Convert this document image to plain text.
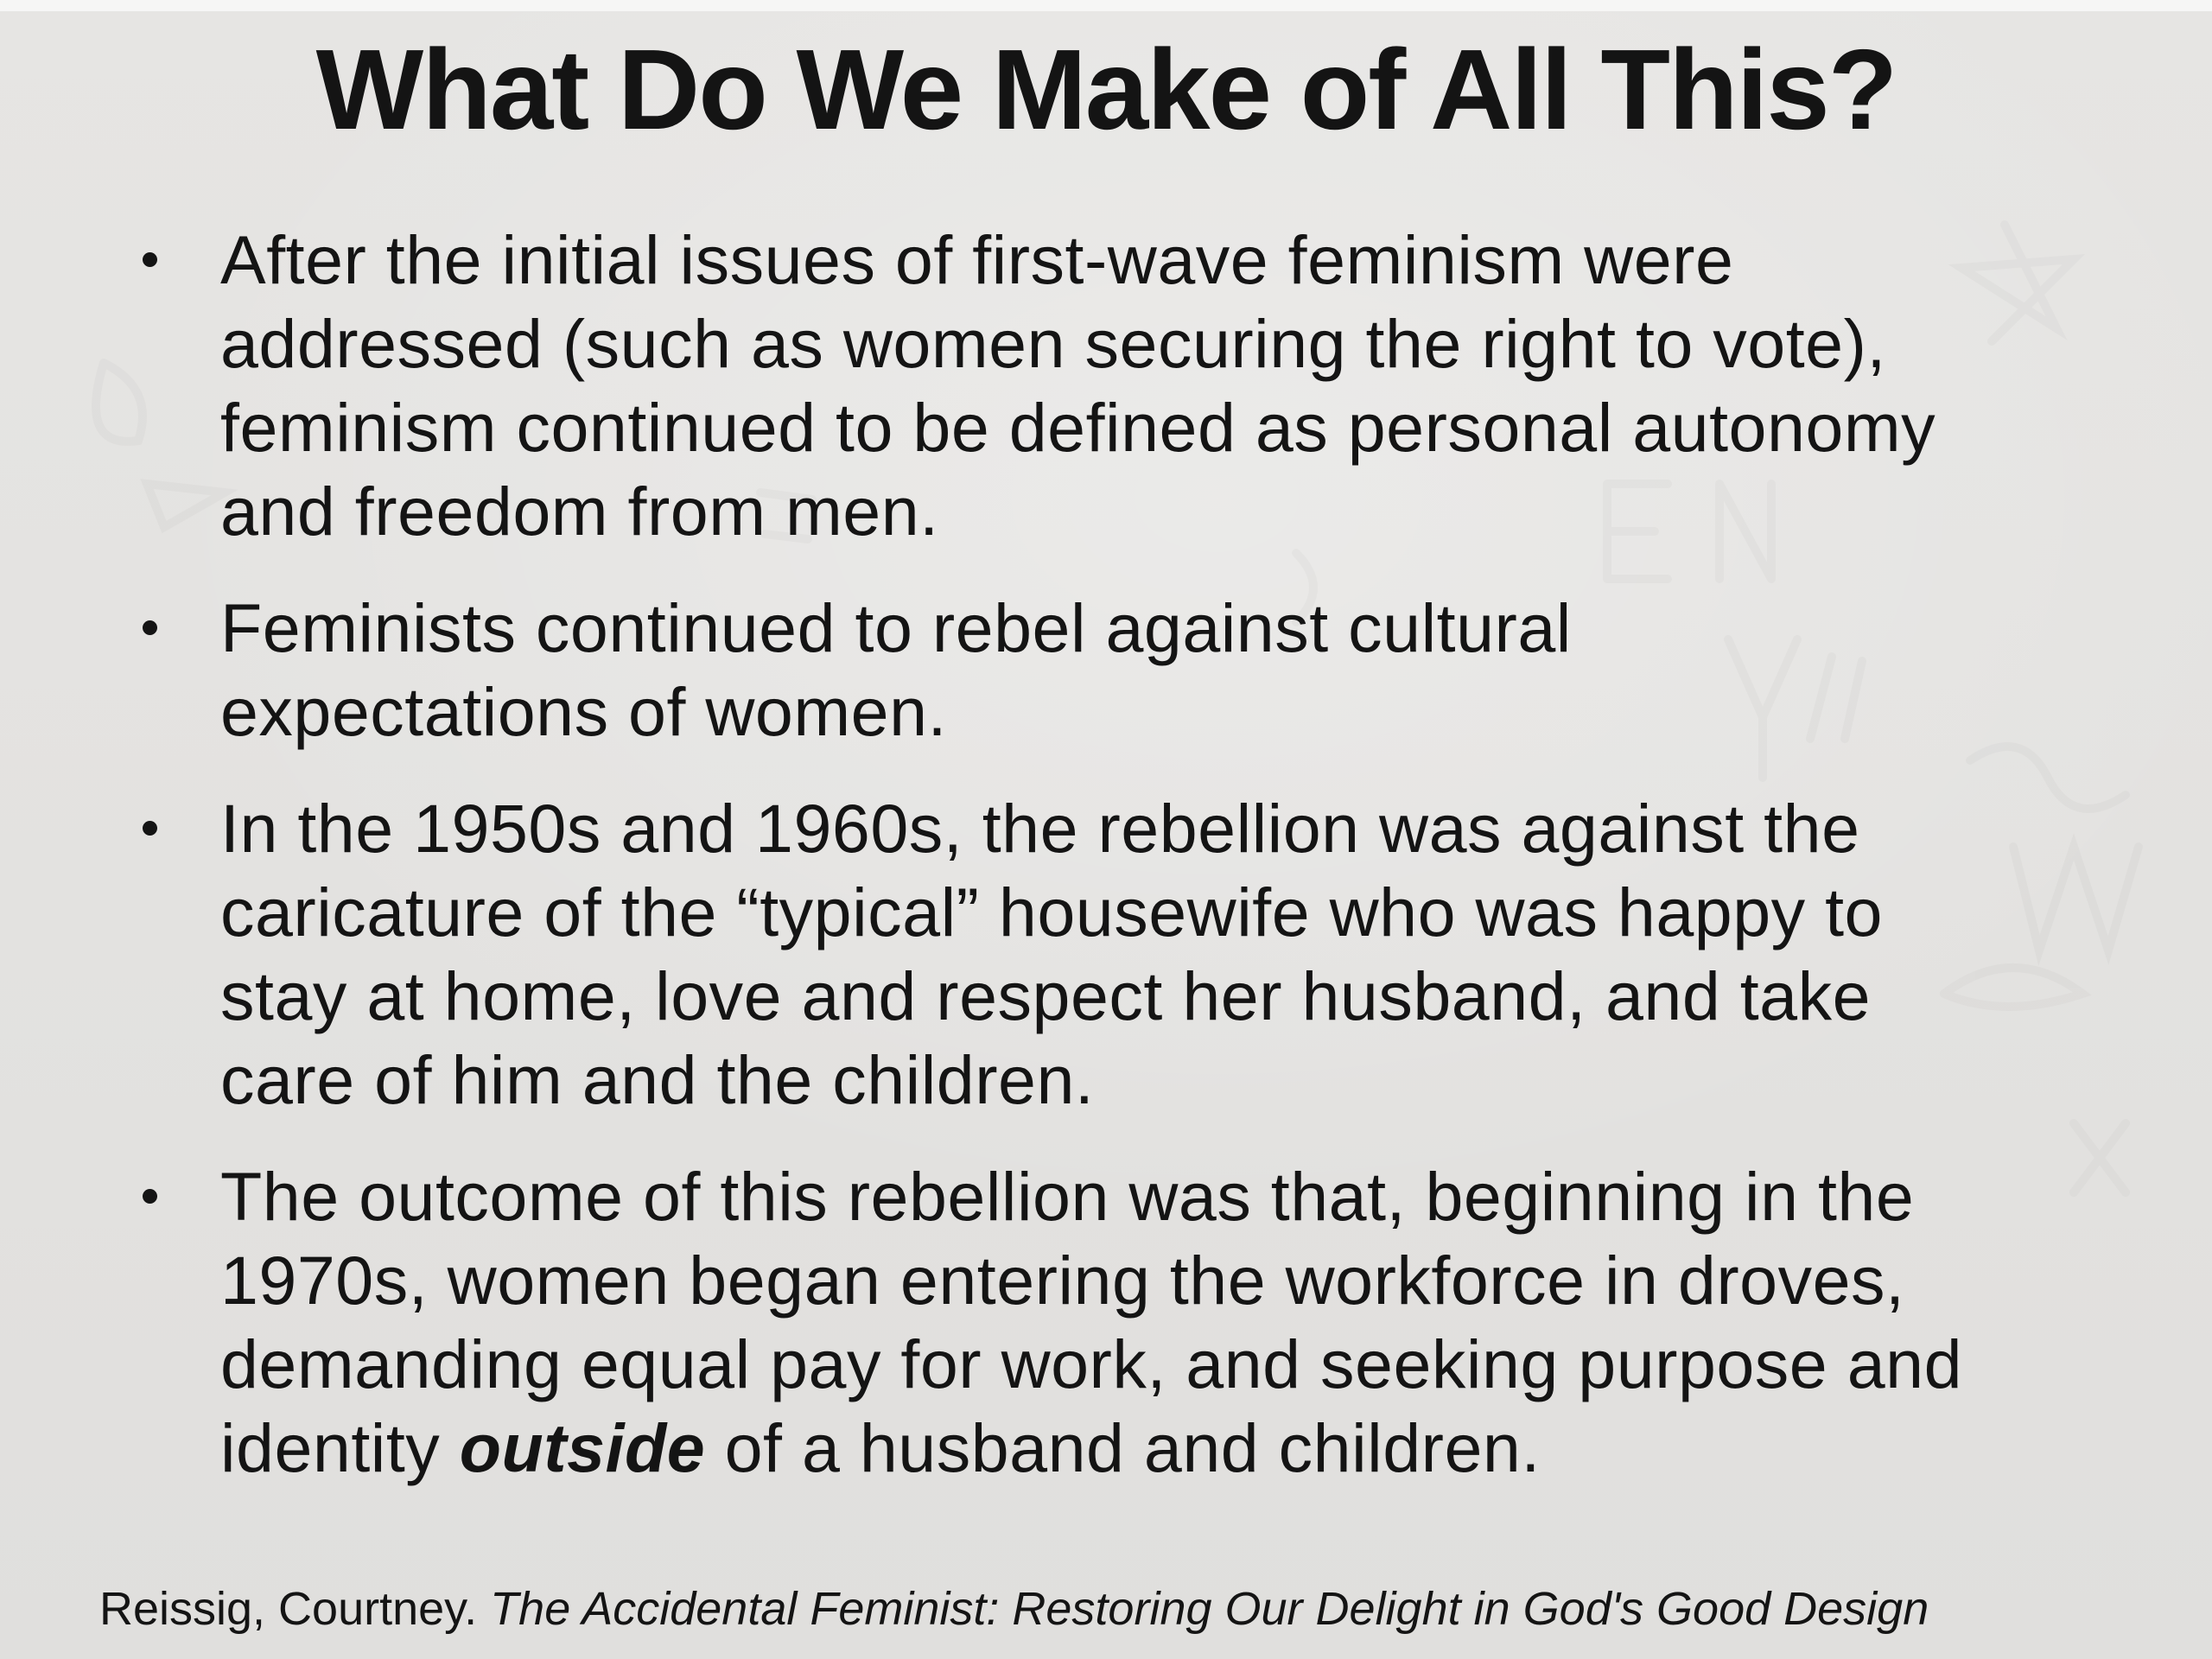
What Do We Make of All This?
After the initial issues of first-wave feminism were
addressed (such as women securing the right to vote),
feminism continued to be defined as personal autonomy
and freedom from men.
Feminists continued to rebel against cultural
expectations of women.
In the 1950s and 1960s, the rebellion was against the
caricature of the “typical” housewife who was happy to
stay at home, love and respect her husband, and take
care of him and the children.
The outcome of this rebellion was that, beginning in the
1970s, women began entering the workforce in droves,
demanding equal pay for work, and seeking purpose and
identity outside of a husband and children.
Reissig, Courtney. The Accidental Feminist: Restoring Our Delight in God's Good Design
